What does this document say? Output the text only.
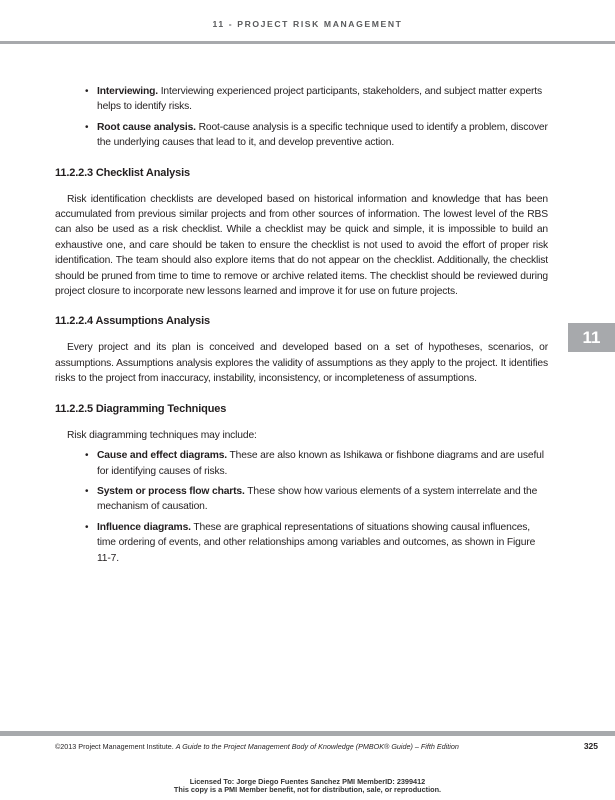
11 - PROJECT RISK MANAGEMENT
• Interviewing. Interviewing experienced project participants, stakeholders, and subject matter experts helps to identify risks.
• Root cause analysis. Root-cause analysis is a specific technique used to identify a problem, discover the underlying causes that lead to it, and develop preventive action.
11.2.2.3 Checklist Analysis

Risk identification checklists are developed based on historical information and knowledge that has been accumulated from previous similar projects and from other sources of information. The lowest level of the RBS can also be used as a risk checklist. While a checklist may be quick and simple, it is impossible to build an exhaustive one, and care should be taken to ensure the checklist is not used to avoid the effort of proper risk identification. The team should also explore items that do not appear on the checklist. Additionally, the checklist should be pruned from time to time to remove or archive related items. The checklist should be reviewed during project closure to incorporate new lessons learned and improve it for use on future projects.

11.2.2.4 Assumptions Analysis

Every project and its plan is conceived and developed based on a set of hypotheses, scenarios, or assumptions. Assumptions analysis explores the validity of assumptions as they apply to the project. It identifies risks to the project from inaccuracy, instability, inconsistency, or incompleteness of assumptions.

11.2.2.5 Diagramming Techniques

Risk diagramming techniques may include:

• Cause and effect diagrams. These are also known as Ishikawa or fishbone diagrams and are useful for identifying causes of risks.
• System or process flow charts. These show how various elements of a system interrelate and the mechanism of causation.
• Influence diagrams. These are graphical representations of situations showing causal influences, time ordering of events, and other relationships among variables and outcomes, as shown in Figure 11-7.
11
©2013 Project Management Institute. A Guide to the Project Management Body of Knowledge (PMBOK® Guide) – Fifth Edition	325
Licensed To: Jorge Diego Fuentes Sanchez PMI MemberID: 2399412
This copy is a PMI Member benefit, not for distribution, sale, or reproduction.
